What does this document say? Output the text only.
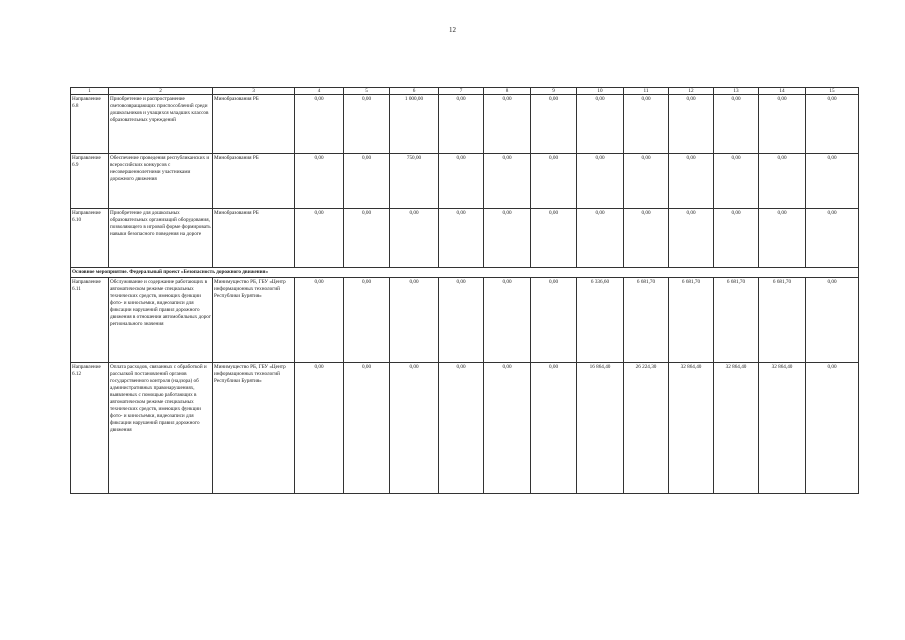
12
1	2	3	4	5	6	7	8	9	10	11	12	13	14	15
Направление 6.8	Приобретение и распространение световозвращающих приспособлений среди дошкольников и учащихся младших классов образовательных учреждений	Минобразования РБ	0,00	0,00	1 000,00	0,00	0,00	0,00	0,00	0,00	0,00	0,00	0,00	0,00
Направление 6.9	Обеспечение проведения республиканских и всероссийских конкурсов с несовершеннолетними участниками дорожного движения	Минобразования РБ	0,00	0,00	750,00	0,00	0,00	0,00	0,00	0,00	0,00	0,00	0,00	0,00
Направление 6.10	Приобретение для дошкольных образовательных организаций оборудования, позволяющего в игровой форме формировать навыки безопасного поведения на дороге	Минобразования РБ	0,00	0,00	0,00	0,00	0,00	0,00	0,00	0,00	0,00	0,00	0,00	0,00
Основное мероприятие. Федеральный проект «Безопасность дорожного движения»														
Направление 6.11	Обслуживание и содержание работающих в автоматическом режиме специальных технических средств, имеющих функции фото- и киносъемки, видеозаписи для фиксации нарушений правил дорожного движения в отношении автомобильных дорог регионального значения	Минимущество РБ, ГБУ «Центр информационных технологий Республики Бурятия»	0,00	0,00	0,00	0,00	0,00	0,00	6 336,60	6 681,70	6 681,70	6 681,70	6 681,70	0,00
Направление 6.12	Оплата расходов, связанных с обработкой и рассылкой постановлений органов государственного контроля (надзора) об административных правонарушениях, выявленных с помощью работающих в автоматическом режиме специальных технических средств, имеющих функции фото- и киносъемки, видеозаписи для фиксации нарушений правил дорожного движения	Минимущество РБ, ГБУ «Центр информационных технологий Республики Бурятия»	0,00	0,00	0,00	0,00	0,00	0,00	16 864,40	26 224,30	32 864,40	32 864,40	32 864,40	0,00
